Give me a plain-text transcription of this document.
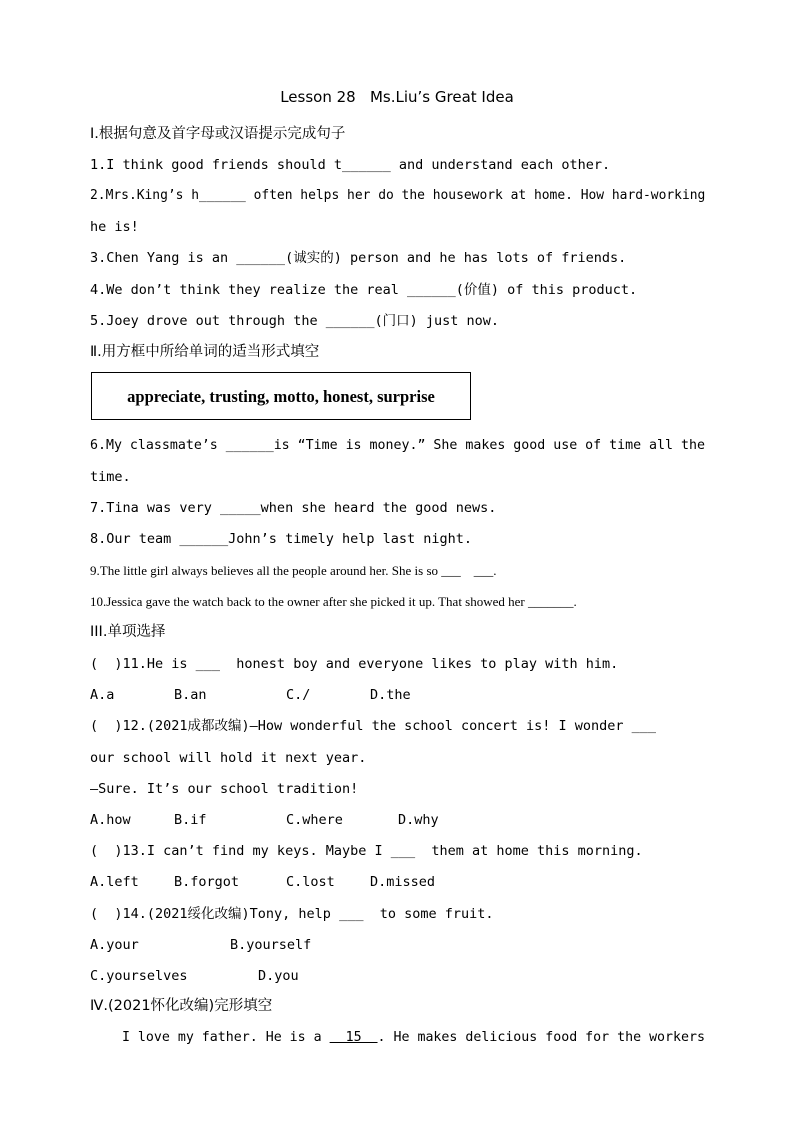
Lesson 28   Ms.Liu’s Great Idea
Ⅰ.根据句意及首字母或汉语提示完成句子
1.I think good friends should t______ and understand each other.
2.Mrs.King’s h______ often helps her do the housework at home. How hard-working
he is!
3.Chen Yang is an ______(诚实的) person and he has lots of friends.
4.We don’t think they realize the real ______(价值) of this product.
5.Joey drove out through the ______(门口) just now.
Ⅱ.用方框中所给单词的适当形式填空
appreciate, trusting, motto, honest, surprise
6.My classmate’s ______is “Time is money.” She makes good use of time all the
time.
7.Tina was very _____when she heard the good news.
8.Our team ______John’s timely help last night.
9.The little girl always believes all the people around her. She is so ___    ___.
10.Jessica gave the watch back to the owner after she picked it up. That showed her _______.
III.单项选择
(  )11.He is ___  honest boy and everyone likes to play with him.
A.a	B.an	C./	D.the
(  )12.(2021成都改编)—How wonderful the school concert is! I wonder ___
our school will hold it next year.
—Sure. It’s our school tradition!
A.how	B.if	C.where	D.why
(  )13.I can’t find my keys. Maybe I ___  them at home this morning.
A.left	B.forgot	C.lost	D.missed
(  )14.(2021绥化改编)Tony, help ___  to some fruit.
A.your	B.yourself
C.yourselves	D.you
Ⅳ.(2021怀化改编)完形填空
I love my father. He is a   15  . He makes delicious food for the workers
